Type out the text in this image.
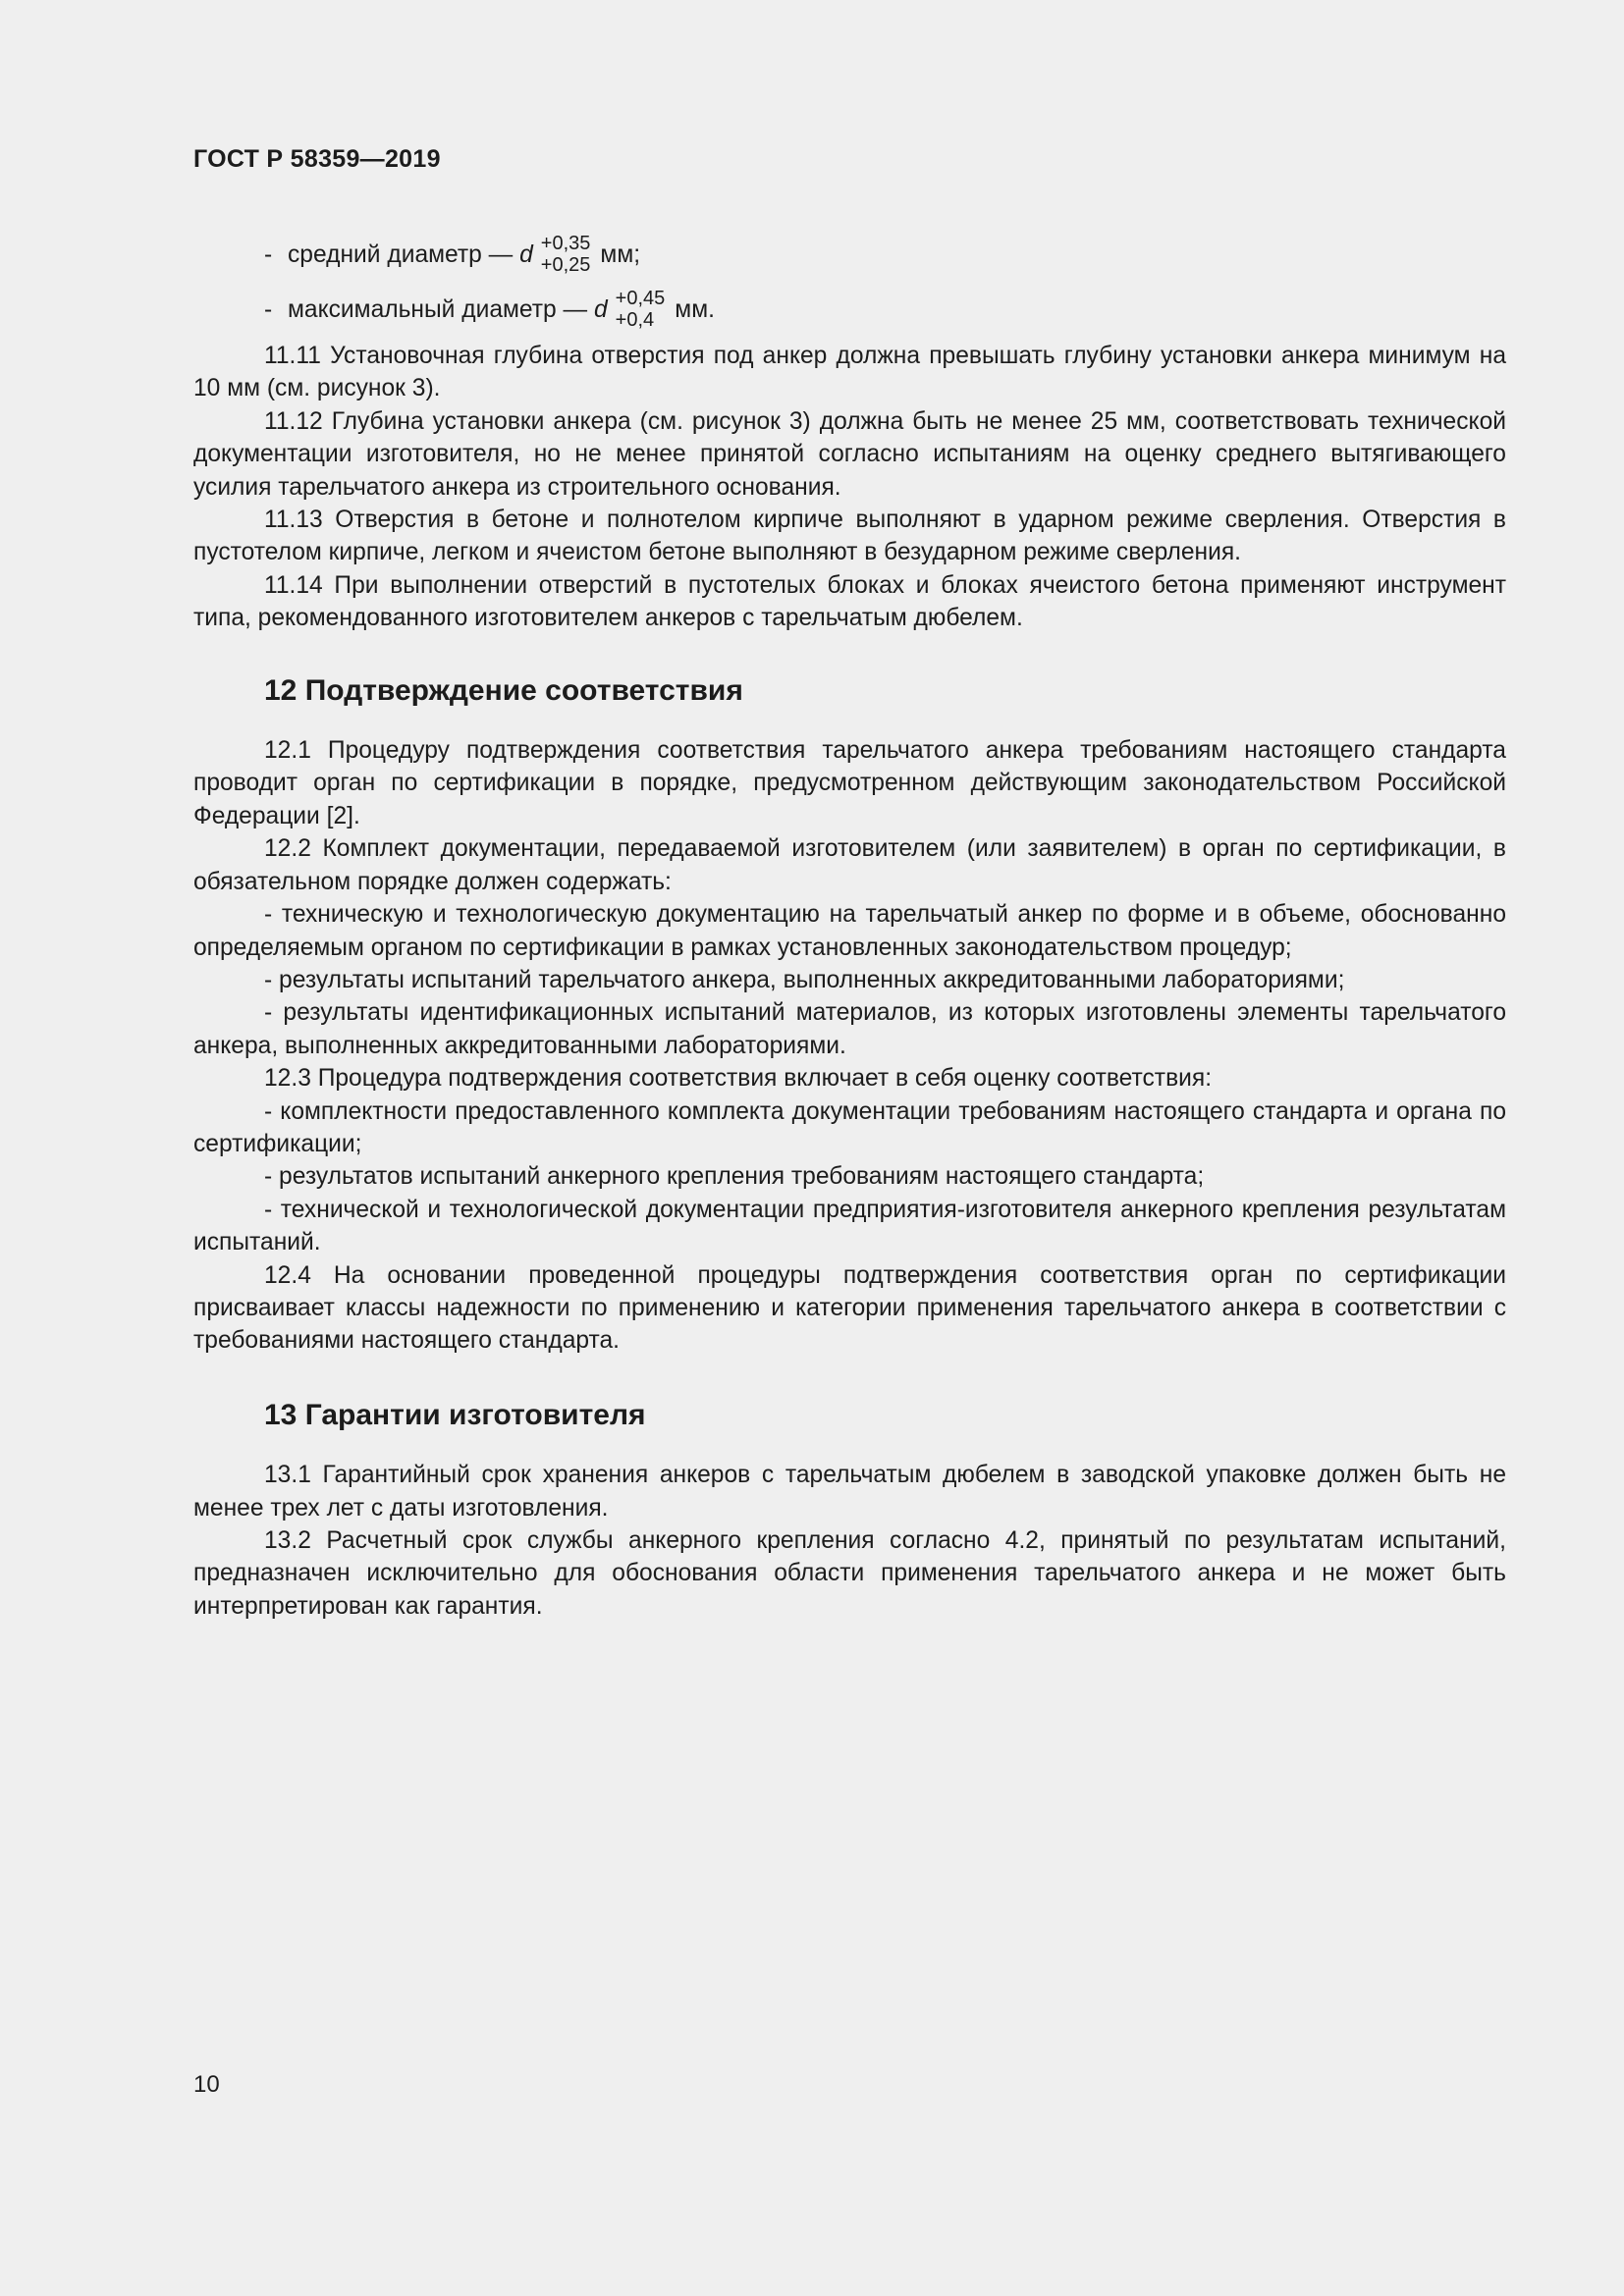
ГОСТ Р 58359—2019
- средний диаметр — d +0,35
+0,25 мм;
- максимальный диаметр — d +0,45
+0,4 мм.

11.11 Установочная глубина отверстия под анкер должна превышать глубину установки анкера минимум на 10 мм (см. рисунок 3).

11.12 Глубина установки анкера (см. рисунок 3) должна быть не менее 25 мм, соответствовать технической документации изготовителя, но не менее принятой согласно испытаниям на оценку среднего вытягивающего усилия тарельчатого анкера из строительного основания.

11.13 Отверстия в бетоне и полнотелом кирпиче выполняют в ударном режиме сверления. Отверстия в пустотелом кирпиче, легком и ячеистом бетоне выполняют в безударном режиме сверления.

11.14 При выполнении отверстий в пустотелых блоках и блоках ячеистого бетона применяют инструмент типа, рекомендованного изготовителем анкеров с тарельчатым дюбелем.

12 Подтверждение соответствия

12.1 Процедуру подтверждения соответствия тарельчатого анкера требованиям настоящего стандарта проводит орган по сертификации в порядке, предусмотренном действующим законодательством Российской Федерации [2].

12.2 Комплект документации, передаваемой изготовителем (или заявителем) в орган по сертификации, в обязательном порядке должен содержать:

- техническую и технологическую документацию на тарельчатый анкер по форме и в объеме, обоснованно определяемым органом по сертификации в рамках установленных законодательством процедур;

- результаты испытаний тарельчатого анкера, выполненных аккредитованными лабораториями;

- результаты идентификационных испытаний материалов, из которых изготовлены элементы тарельчатого анкера, выполненных аккредитованными лабораториями.

12.3 Процедура подтверждения соответствия включает в себя оценку соответствия:

- комплектности предоставленного комплекта документации требованиям настоящего стандарта и органа по сертификации;

- результатов испытаний анкерного крепления требованиям настоящего стандарта;

- технической и технологической документации предприятия-изготовителя анкерного крепления результатам испытаний.

12.4 На основании проведенной процедуры подтверждения соответствия орган по сертификации присваивает классы надежности по применению и категории применения тарельчатого анкера в соответствии с требованиями настоящего стандарта.

13 Гарантии изготовителя

13.1 Гарантийный срок хранения анкеров с тарельчатым дюбелем в заводской упаковке должен быть не менее трех лет с даты изготовления.

13.2 Расчетный срок службы анкерного крепления согласно 4.2, принятый по результатам испытаний, предназначен исключительно для обоснования области применения тарельчатого анкера и не может быть интерпретирован как гарантия.

10
